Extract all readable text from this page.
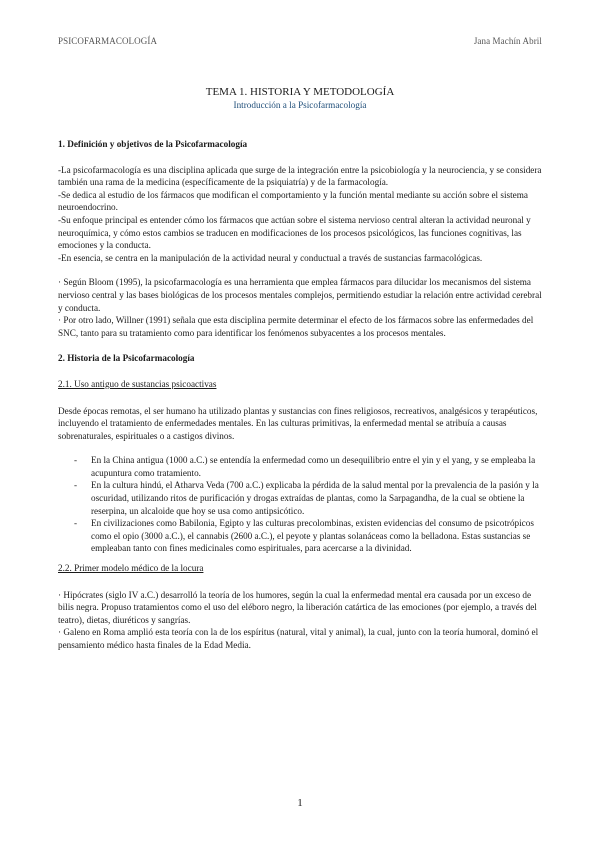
PSICOFARMACOLOGÍA	Jana Machín Abril
TEMA 1. HISTORIA Y METODOLOGÍA
Introducción a la Psicofarmacología

1. Definición y objetivos de la Psicofarmacología

-La psicofarmacología es una disciplina aplicada que surge de la integración entre la psicobiología y la neurociencia, y se considera también una rama de la medicina (específicamente de la psiquiatría) y de la farmacología.

-Se dedica al estudio de los fármacos que modifican el comportamiento y la función mental mediante su acción sobre el sistema neuroendocrino.

-Su enfoque principal es entender cómo los fármacos que actúan sobre el sistema nervioso central alteran la actividad neuronal y neuroquímica, y cómo estos cambios se traducen en modificaciones de los procesos psicológicos, las funciones cognitivas, las emociones y la conducta.

-En esencia, se centra en la manipulación de la actividad neural y conductual a través de sustancias farmacológicas.

· Según Bloom (1995), la psicofarmacología es una herramienta que emplea fármacos para dilucidar los mecanismos del sistema nervioso central y las bases biológicas de los procesos mentales complejos, permitiendo estudiar la relación entre actividad cerebral y conducta.

· Por otro lado, Willner (1991) señala que esta disciplina permite determinar el efecto de los fármacos sobre las enfermedades del SNC, tanto para su tratamiento como para identificar los fenómenos subyacentes a los procesos mentales.

2. Historia de la Psicofarmacología

2.1. Uso antiguo de sustancias psicoactivas

Desde épocas remotas, el ser humano ha utilizado plantas y sustancias con fines religiosos, recreativos, analgésicos y terapéuticos, incluyendo el tratamiento de enfermedades mentales. En las culturas primitivas, la enfermedad mental se atribuía a causas sobrenaturales, espirituales o a castigos divinos.

- En la China antigua (1000 a.C.) se entendía la enfermedad como un desequilibrio entre el yin y el yang, y se empleaba la acupuntura como tratamiento.
- En la cultura hindú, el Atharva Veda (700 a.C.) explicaba la pérdida de la salud mental por la prevalencia de la pasión y la oscuridad, utilizando ritos de purificación y drogas extraídas de plantas, como la Sarpagandha, de la cual se obtiene la reserpina, un alcaloide que hoy se usa como antipsicótico.
- En civilizaciones como Babilonia, Egipto y las culturas precolombinas, existen evidencias del consumo de psicotrópicos como el opio (3000 a.C.), el cannabis (2600 a.C.), el peyote y plantas solanáceas como la belladona. Estas sustancias se empleaban tanto con fines medicinales como espirituales, para acercarse a la divinidad.

2.2. Primer modelo médico de la locura

· Hipócrates (siglo IV a.C.) desarrolló la teoría de los humores, según la cual la enfermedad mental era causada por un exceso de bilis negra. Propuso tratamientos como el uso del eléboro negro, la liberación catártica de las emociones (por ejemplo, a través del teatro), dietas, diuréticos y sangrías.

· Galeno en Roma amplió esta teoría con la de los espíritus (natural, vital y animal), la cual, junto con la teoría humoral, dominó el pensamiento médico hasta finales de la Edad Media.

1
